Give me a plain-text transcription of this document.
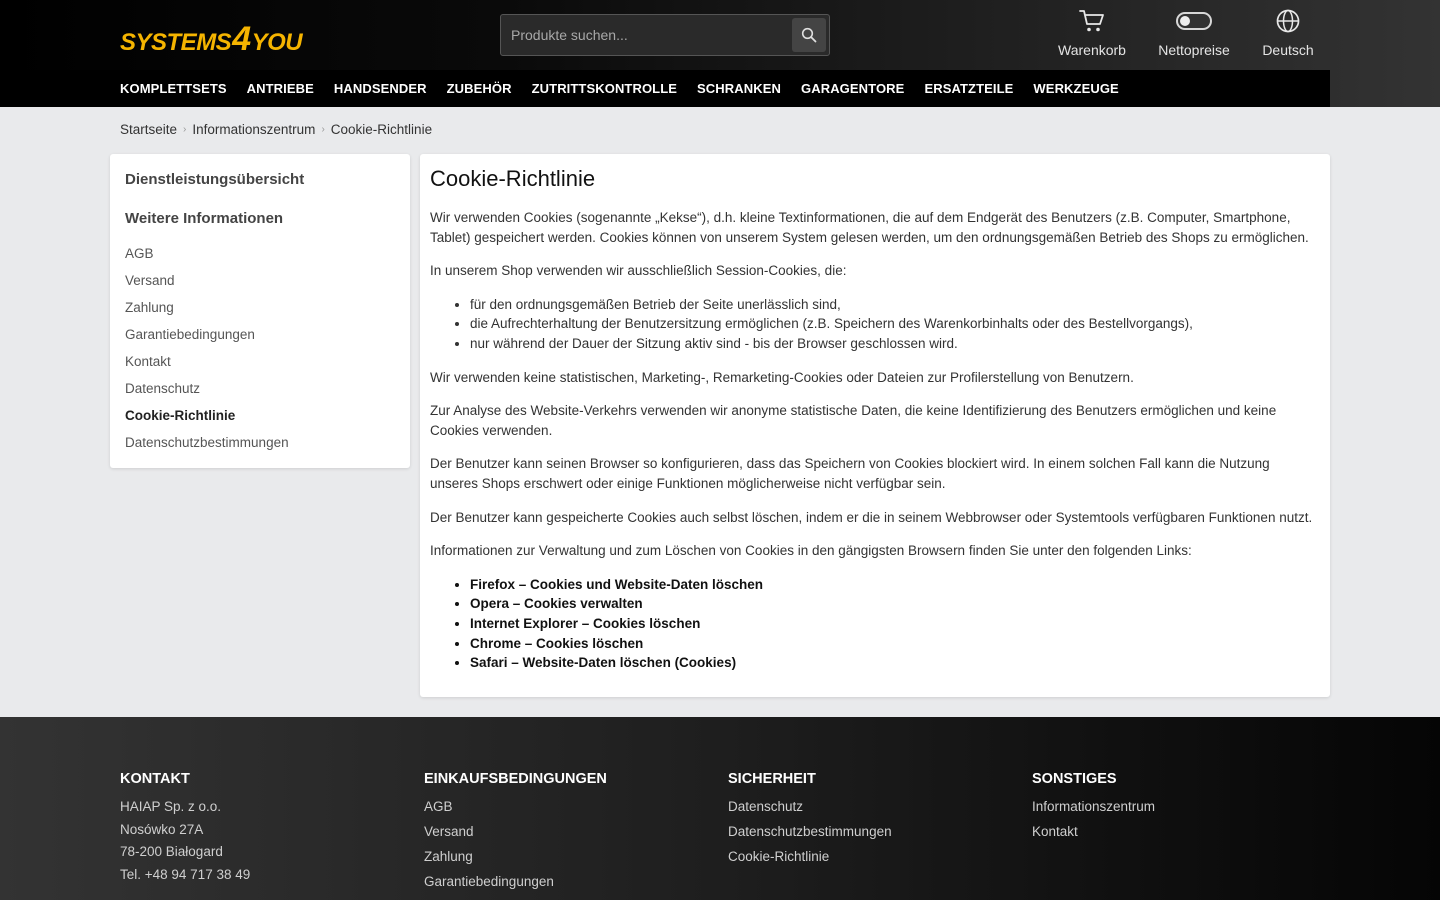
SYSTEMS 4 YOU
Produkte suchen...	Warenkorb Nettopreise Deutsch
KOMPLETTSETS ANTRIEBE HANDSENDER ZUBEHÖR ZUTRITTSKONTROLLE SCHRANKEN GARAGENTORE ERSATZTEILE WERKZEUGE
Startseite › Informationszentrum › Cookie-Richtlinie
Dienstleistungsübersicht
Weitere Informationen
AGB
Versand
Zahlung
Garantiebedingungen
Kontakt
Datenschutz
Cookie-Richtlinie
Datenschutzbestimmungen
Cookie-Richtlinie

Wir verwenden Cookies (sogenannte „Kekse“), d.h. kleine Textinformationen, die auf dem Endgerät des Benutzers (z.B. Computer, Smartphone, Tablet) gespeichert werden. Cookies können von unserem System gelesen werden, um den ordnungsgemäßen Betrieb des Shops zu ermöglichen.

In unserem Shop verwenden wir ausschließlich Session-Cookies, die:

• für den ordnungsgemäßen Betrieb der Seite unerlässlich sind,
• die Aufrechterhaltung der Benutzersitzung ermöglichen (z.B. Speichern des Warenkorbinhalts oder des Bestellvorgangs),
• nur während der Dauer der Sitzung aktiv sind - bis der Browser geschlossen wird.

Wir verwenden keine statistischen, Marketing-, Remarketing-Cookies oder Dateien zur Profilerstellung von Benutzern.

Zur Analyse des Website-Verkehrs verwenden wir anonyme statistische Daten, die keine Identifizierung des Benutzers ermöglichen und keine Cookies verwenden.

Der Benutzer kann seinen Browser so konfigurieren, dass das Speichern von Cookies blockiert wird. In einem solchen Fall kann die Nutzung unseres Shops erschwert oder einige Funktionen möglicherweise nicht verfügbar sein.

Der Benutzer kann gespeicherte Cookies auch selbst löschen, indem er die in seinem Webbrowser oder Systemtools verfügbaren Funktionen nutzt.

Informationen zur Verwaltung und zum Löschen von Cookies in den gängigsten Browsern finden Sie unter den folgenden Links:

• Firefox – Cookies und Website-Daten löschen
• Opera – Cookies verwalten
• Internet Explorer – Cookies löschen
• Chrome – Cookies löschen
• Safari – Website-Daten löschen (Cookies)
KONTAKT
HAIAP Sp. z o.o.
Nosówko 27A
78-200 Białogard
Tel. +48 94 717 38 49
EINKAUFSBEDINGUNGEN
AGB
Versand
Zahlung
Garantiebedingungen
SICHERHEIT
Datenschutz
Datenschutzbestimmungen
Cookie-Richtlinie
SONSTIGES
Informationszentrum
Kontakt
